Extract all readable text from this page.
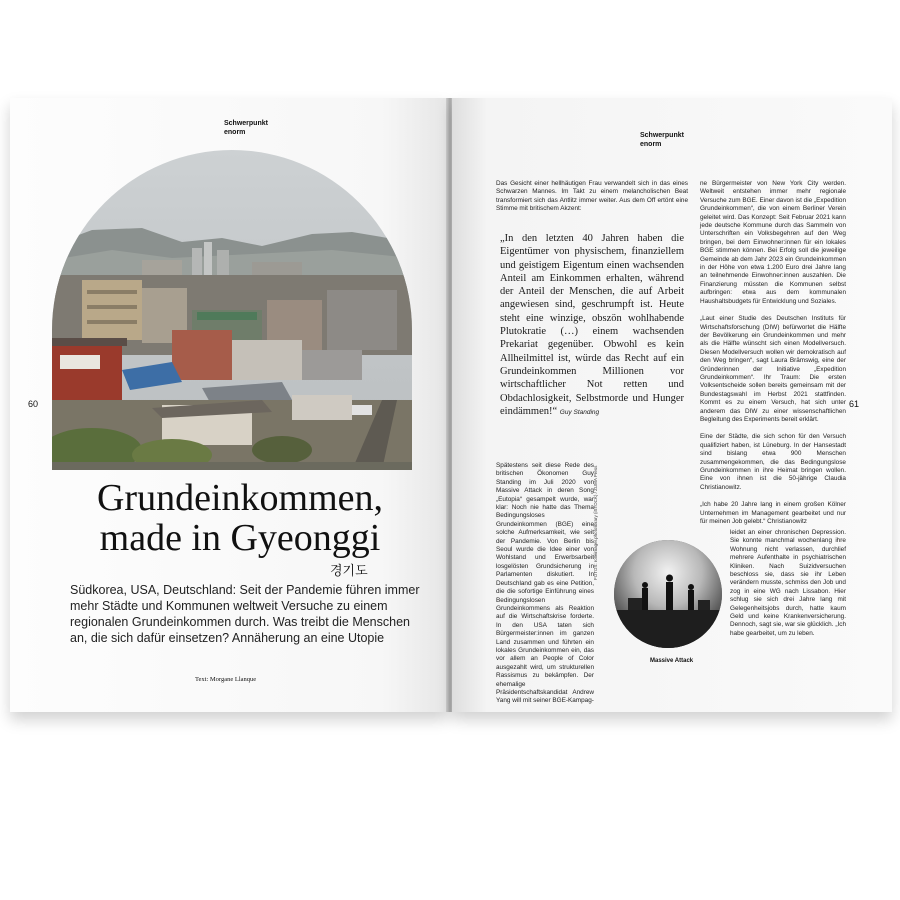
Schwerpunkt
enorm
60
Grundeinkommen,
made in Gyeonggi
경기도
Südkorea, USA, Deutschland: Seit der Pandemie führen immer mehr Städte und Kommunen weltweit Versuche zu einem regionalen Grundeinkommen durch. Was treibt die Menschen an, die sich dafür einsetzen? Annäherung an eine Utopie
Text: Morgane Llanque
Schwerpunkt
enorm
61
Das Gesicht einer hellhäutigen Frau verwandelt sich in das eines Schwarzen Mannes. Im Takt zu einem melancholischen Beat transformiert sich das Antlitz immer weiter. Aus dem Off ertönt eine Stimme mit britischem Akzent:
„In den letzten 40 Jahren haben die Eigentümer von physischem, finanziellem und geistigem Eigentum einen wachsenden Anteil am Einkommen erhalten, während der Anteil der Menschen, die auf Arbeit angewiesen sind, geschrumpft ist. Heute steht eine winzige, obszön wohlhabende Plutokratie (…) einem wachsenden Prekariat gegenüber. Obwohl es kein Allheilmittel ist, würde das Recht auf ein Grundeinkommen Millionen vor wirtschaftlicher Not retten und Obdachlosigkeit, Selbstmorde und Hunger eindämmen!“ Guy Standing
Spätestens seit diese Rede des britischen Ökonomen Guy Standing im Juli 2020 von Massive Attack in deren Song „Eutopia“ gesampelt wurde, war klar: Noch nie hatte das Thema Bedingungsloses Grundeinkommen (BGE) eine solche Aufmerksamkeit, wie seit der Pandemie. Von Berlin bis Seoul wurde die Idee einer von Wohlstand und Erwerbsarbeit losgelösten Grundsicherung in Parlamenten diskutiert. In Deutschland gab es eine Petition, die die sofortige Einführung eines Bedingungslosen Grundeinkommens als Reaktion auf die Wirtschaftskrise forderte. In den USA taten sich Bürgermeister:innen im ganzen Land zusammen und führten ein lokales Grundeinkommen ein, das vor allem an People of Color ausgezahlt wird, um strukturellen Rassismus zu bekämpfen. Der ehemalige Präsidentschaftskandidat Andrew Yang will mit seiner BGE-Kampag-
ne Bürgermeister von New York City werden. Weltweit entstehen immer mehr regionale Versuche zum BGE. Einer davon ist die „Expedition Grundeinkommen“, die von einem Berliner Verein geleitet wird. Das Konzept: Seit Februar 2021 kann jede deutsche Kommune durch das Sammeln von Unterschriften ein Volksbegehren auf den Weg bringen, bei dem Einwohner:innen für ein lokales BGE stimmen können. Bei Erfolg soll die jeweilige Gemeinde ab dem Jahr 2023 ein Grundeinkommen in der Höhe von etwa 1.200 Euro drei Jahre lang an teilnehmende Einwohner:innen auszahlen. Die Finanzierung müssten die Kommunen selbst aufbringen: etwa aus dem kommunalen Haushaltsbudgets für Entwicklung und Soziales.
„Laut einer Studie des Deutschen Instituts für Wirtschaftsforschung (DIW) befürwortet die Hälfte der Bevölkerung ein Grundeinkommen und mehr als die Hälfte wünscht sich einen Modellversuch. Diesen Modellversuch wollen wir demokratisch auf den Weg bringen“, sagt Laura Brämswig, eine der Gründerinnen der Initiative „Expedition Grundeinkommen“. Ihr Traum: Die ersten Volksentscheide sollen bereits gemeinsam mit der Bundestagswahl im Herbst 2021 stattfinden. Kommt es zu einem Versuch, hat sich unter anderem das DIW zu einer wissenschaftlichen Begleitung des Experiments bereit erklärt.
Eine der Städte, die sich schon für den Versuch qualifiziert haben, ist Lüneburg. In der Hansestadt sind bislang etwa 900 Menschen zusammengekommen, die das Bedingungslose Grundeinkommen in ihre Heimat bringen wollen. Eine von ihnen ist die 50-jährige Claudia Christianowitz.
„Ich habe 20 Jahre lang in einem großen Kölner Unternehmen im Management gearbeitet und nur für meinen Job gelebt.“ Christianowitz
leidet an einer chronischen Depression. Sie konnte manchmal wochenlang ihre Wohnung nicht verlassen, durchlief mehrere Aufenthalte in psychiatrischen Kliniken. Nach Suizidversuchen beschloss sie, dass sie ihr Leben verändern musste, schmiss den Job und zog in eine WG nach Lissabon. Hier schlug sie sich drei Jahre lang mit Gelegenheitsjobs durch, hatte kaum Geld und keine Krankenversicherung. Dennoch, sagt sie, war sie glücklich. „Ich habe gearbeitet, um zu leben.
Massive Attack
FOTOS: rolleimager.photolibrary (iSTOCK) / ZUMA Press
